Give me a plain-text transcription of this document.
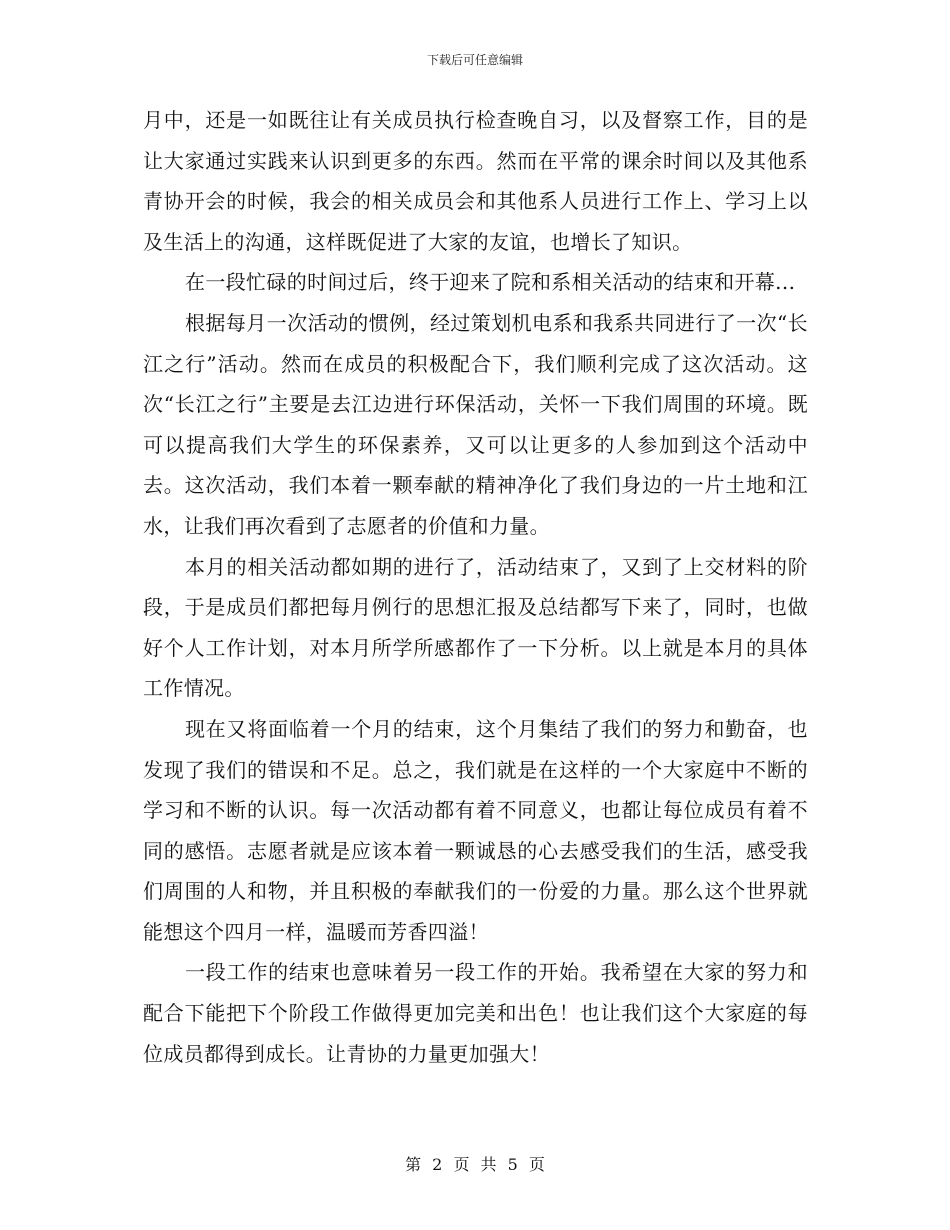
下载后可任意编辑

月中，还是一如既往让有关成员执行检查晚自习，以及督察工作，目的是让大家通过实践来认识到更多的东西。然而在平常的课余时间以及其他系青协开会的时候，我会的相关成员会和其他系人员进行工作上、学习上以及生活上的沟通，这样既促进了大家的友谊，也增长了知识。

在一段忙碌的时间过后，终于迎来了院和系相关活动的结束和开幕...

根据每月一次活动的惯例，经过策划机电系和我系共同进行了一次“长江之行”活动。然而在成员的积极配合下，我们顺利完成了这次活动。这次“长江之行”主要是去江边进行环保活动，关怀一下我们周围的环境。既可以提高我们大学生的环保素养，又可以让更多的人参加到这个活动中去。这次活动，我们本着一颗奉献的精神净化了我们身边的一片土地和江水，让我们再次看到了志愿者的价值和力量。

本月的相关活动都如期的进行了，活动结束了，又到了上交材料的阶段，于是成员们都把每月例行的思想汇报及总结都写下来了，同时，也做好个人工作计划，对本月所学所感都作了一下分析。以上就是本月的具体工作情况。

现在又将面临着一个月的结束，这个月集结了我们的努力和勤奋，也发现了我们的错误和不足。总之，我们就是在这样的一个大家庭中不断的学习和不断的认识。每一次活动都有着不同意义，也都让每位成员有着不同的感悟。志愿者就是应该本着一颗诚恳的心去感受我们的生活，感受我们周围的人和物，并且积极的奉献我们的一份爱的力量。那么这个世界就能想这个四月一样，温暖而芳香四溢！

一段工作的结束也意味着另一段工作的开始。我希望在大家的努力和配合下能把下个阶段工作做得更加完美和出色！也让我们这个大家庭的每位成员都得到成长。让青协的力量更加强大！

第 2 页 共 5 页
